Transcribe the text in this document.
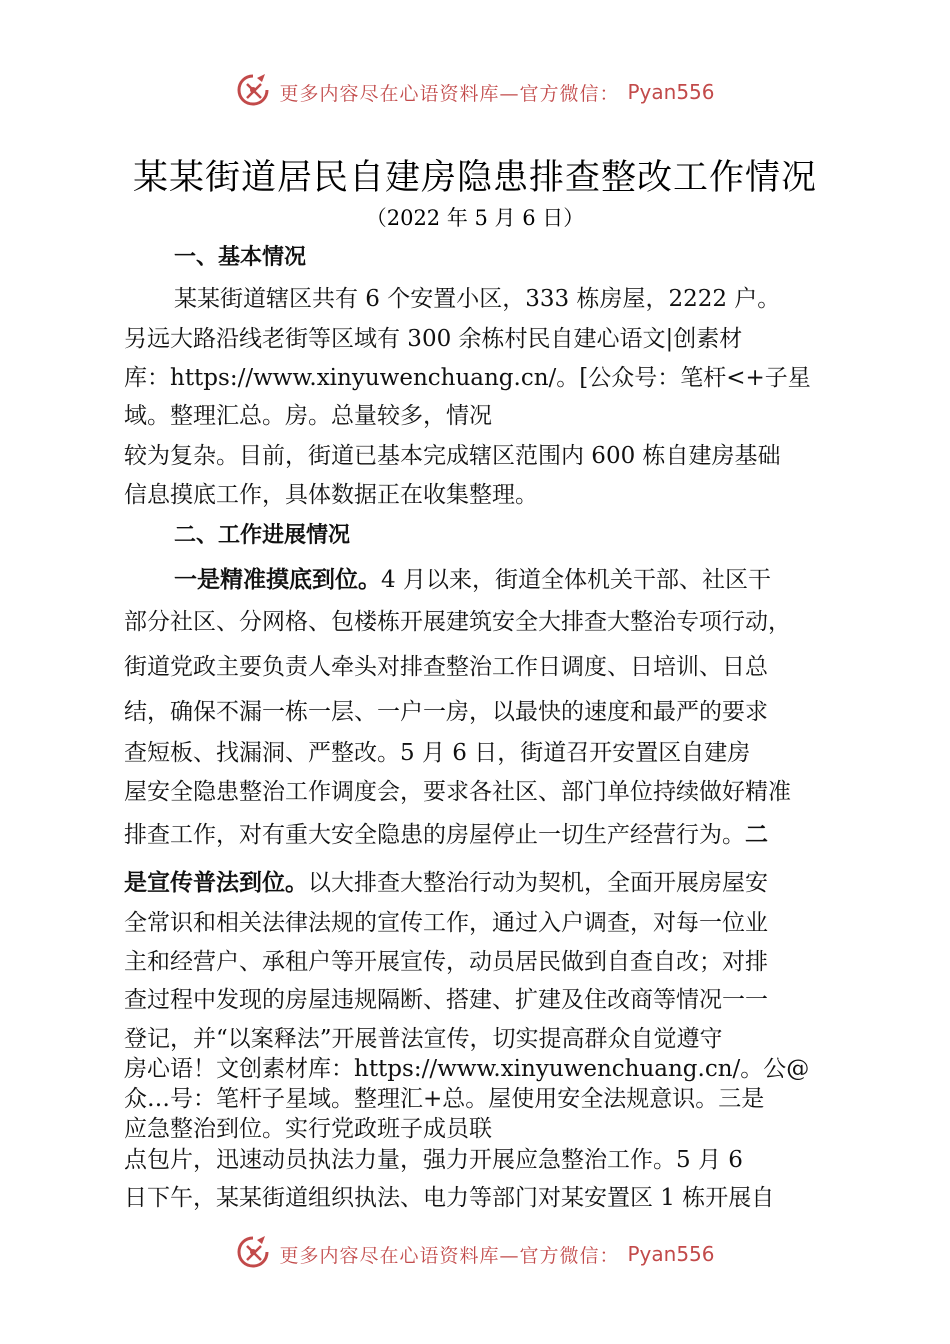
更多内容尽在心语资料库—官方微信： Pyan556
某某街道居民自建房隐患排查整改工作情况
（2022 年 5 月 6 日）
一、基本情况
某某街道辖区共有 6 个安置小区，333 栋房屋，2222 户。
另远大路沿线老街等区域有 300 余栋村民自建心语文|创素材
库：https://www.xinyuwenchuang.cn/。[公众号：笔杆<+子星
域。整理汇总。房。总量较多，情况
较为复杂。目前，街道已基本完成辖区范围内 600 栋自建房基础
信息摸底工作，具体数据正在收集整理。
二、工作进展情况
一是精准摸底到位。4 月以来，街道全体机关干部、社区干
部分社区、分网格、包楼栋开展建筑安全大排查大整治专项行动，
街道党政主要负责人牵头对排查整治工作日调度、日培训、日总
结，确保不漏一栋一层、一户一房，以最快的速度和最严的要求
查短板、找漏洞、严整改。5 月 6 日，街道召开安置区自建房
屋安全隐患整治工作调度会，要求各社区、部门单位持续做好精准
排查工作，对有重大安全隐患的房屋停止一切生产经营行为。二
是宣传普法到位。以大排查大整治行动为契机，全面开展房屋安
全常识和相关法律法规的宣传工作，通过入户调查，对每一位业
主和经营户、承租户等开展宣传，动员居民做到自查自改；对排
查过程中发现的房屋违规隔断、搭建、扩建及住改商等情况一一
登记，并“以案释法”开展普法宣传，切实提高群众自觉遵守
房心语！文创素材库：https://www.xinyuwenchuang.cn/。公@
众…号：笔杆子星域。整理汇+总。屋使用安全法规意识。三是
应急整治到位。实行党政班子成员联
点包片，迅速动员执法力量，强力开展应急整治工作。5 月 6
日下午，某某街道组织执法、电力等部门对某安置区 1 栋开展自
更多内容尽在心语资料库—官方微信： Pyan556
